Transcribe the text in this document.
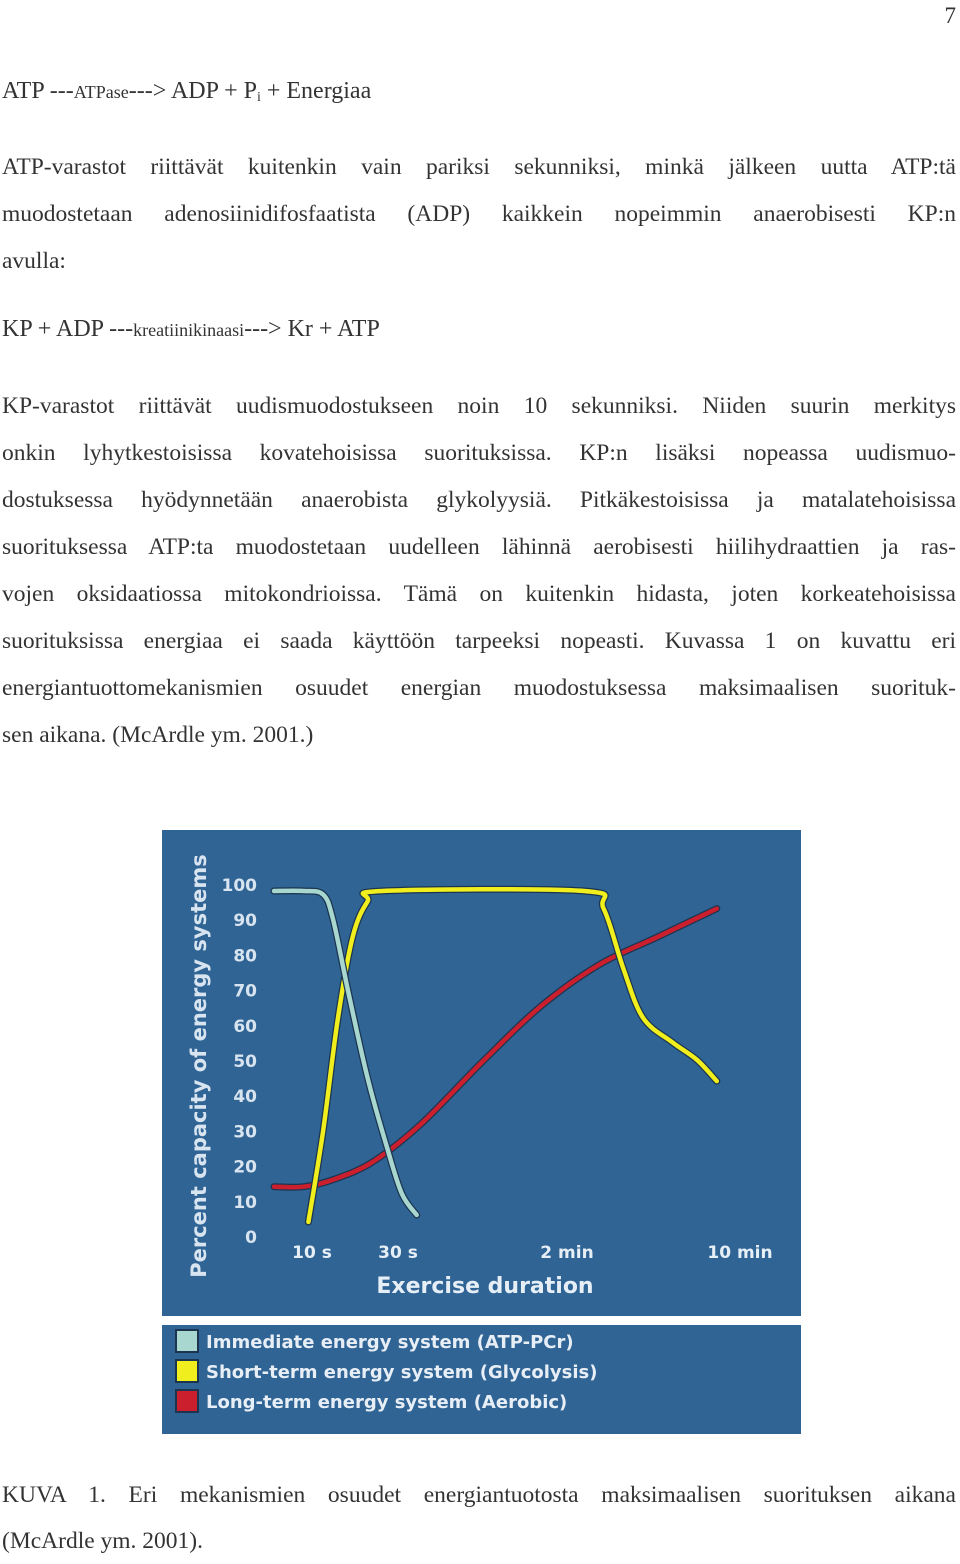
7
ATP ---ATPase---> ADP + $P_i$ + Energiaa
ATP-varastot riittävät kuitenkin vain pariksi sekunniksi, minkä jälkeen uutta ATP:tä
muodostetaan adenosiinidifosfaatista (ADP) kaikkein nopeimmin anaerobisesti KP:n
avulla:
KP + ADP ---kreatiinikinaasi---> Kr + ATP
KP-varastot riittävät uudismuodostukseen noin 10 sekunniksi. Niiden suurin merkitys
onkin lyhytkestoisissa kovatehoisissa suorituksissa. KP:n lisäksi nopeassa uudismuo-
dostuksessa hyödynnetään anaerobista glykolyysiä. Pitkäkestoisissa ja matalatehoisissa
suorituksessa ATP:ta muodostetaan uudelleen lähinnä aerobisesti hiilihydraattien ja ras-
vojen oksidaatiossa mitokondrioissa. Tämä on kuitenkin hidasta, joten korkeatehoisissa
suorituksissa energiaa ei saada käyttöön tarpeeksi nopeasti. Kuvassa 1 on kuvattu eri
energiantuottomekanismien osuudet energian muodostuksessa maksimaalisen suorituk-
sen aikana. (McArdle ym. 2001.)
Percent capacity of energy systems 100
90
80
70
60
50
40
30
20
10
0
10 s	30 s	2 min	10 min
Exercise duration
Immediate energy system (ATP-PCr)
Short-term energy system (Glycolysis)
Long-term energy system (Aerobic)
KUVA 1. Eri mekanismien osuudet energiantuotosta maksimaalisen suorituksen aikana
(McArdle ym. 2001).
